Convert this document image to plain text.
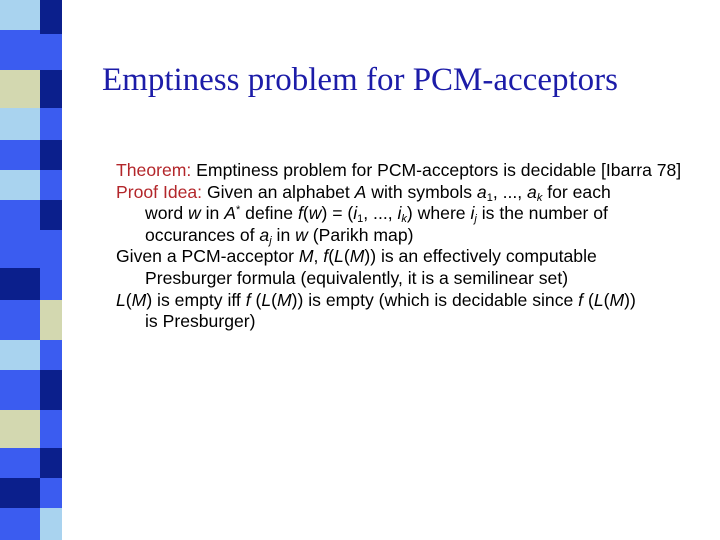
Emptiness problem for PCM-acceptors

Theorem: Emptiness problem for PCM-acceptors is decidable [Ibarra 78]

Proof Idea: Given an alphabet A with symbols $a_1$, ..., $a_k$ for each
word w in A* define $f(w) = (i_1$, ..., $i_k$) where $i_j$ is the number of
occurances of $a_j$ in w (Parikh map)

Given a PCM-acceptor M, f(L(M)) is an effectively computable
Presburger formula (equivalently, it is a semilinear set)

L(M) is empty iff f (L(M)) is empty (which is decidable since f (L(M))
is Presburger)
